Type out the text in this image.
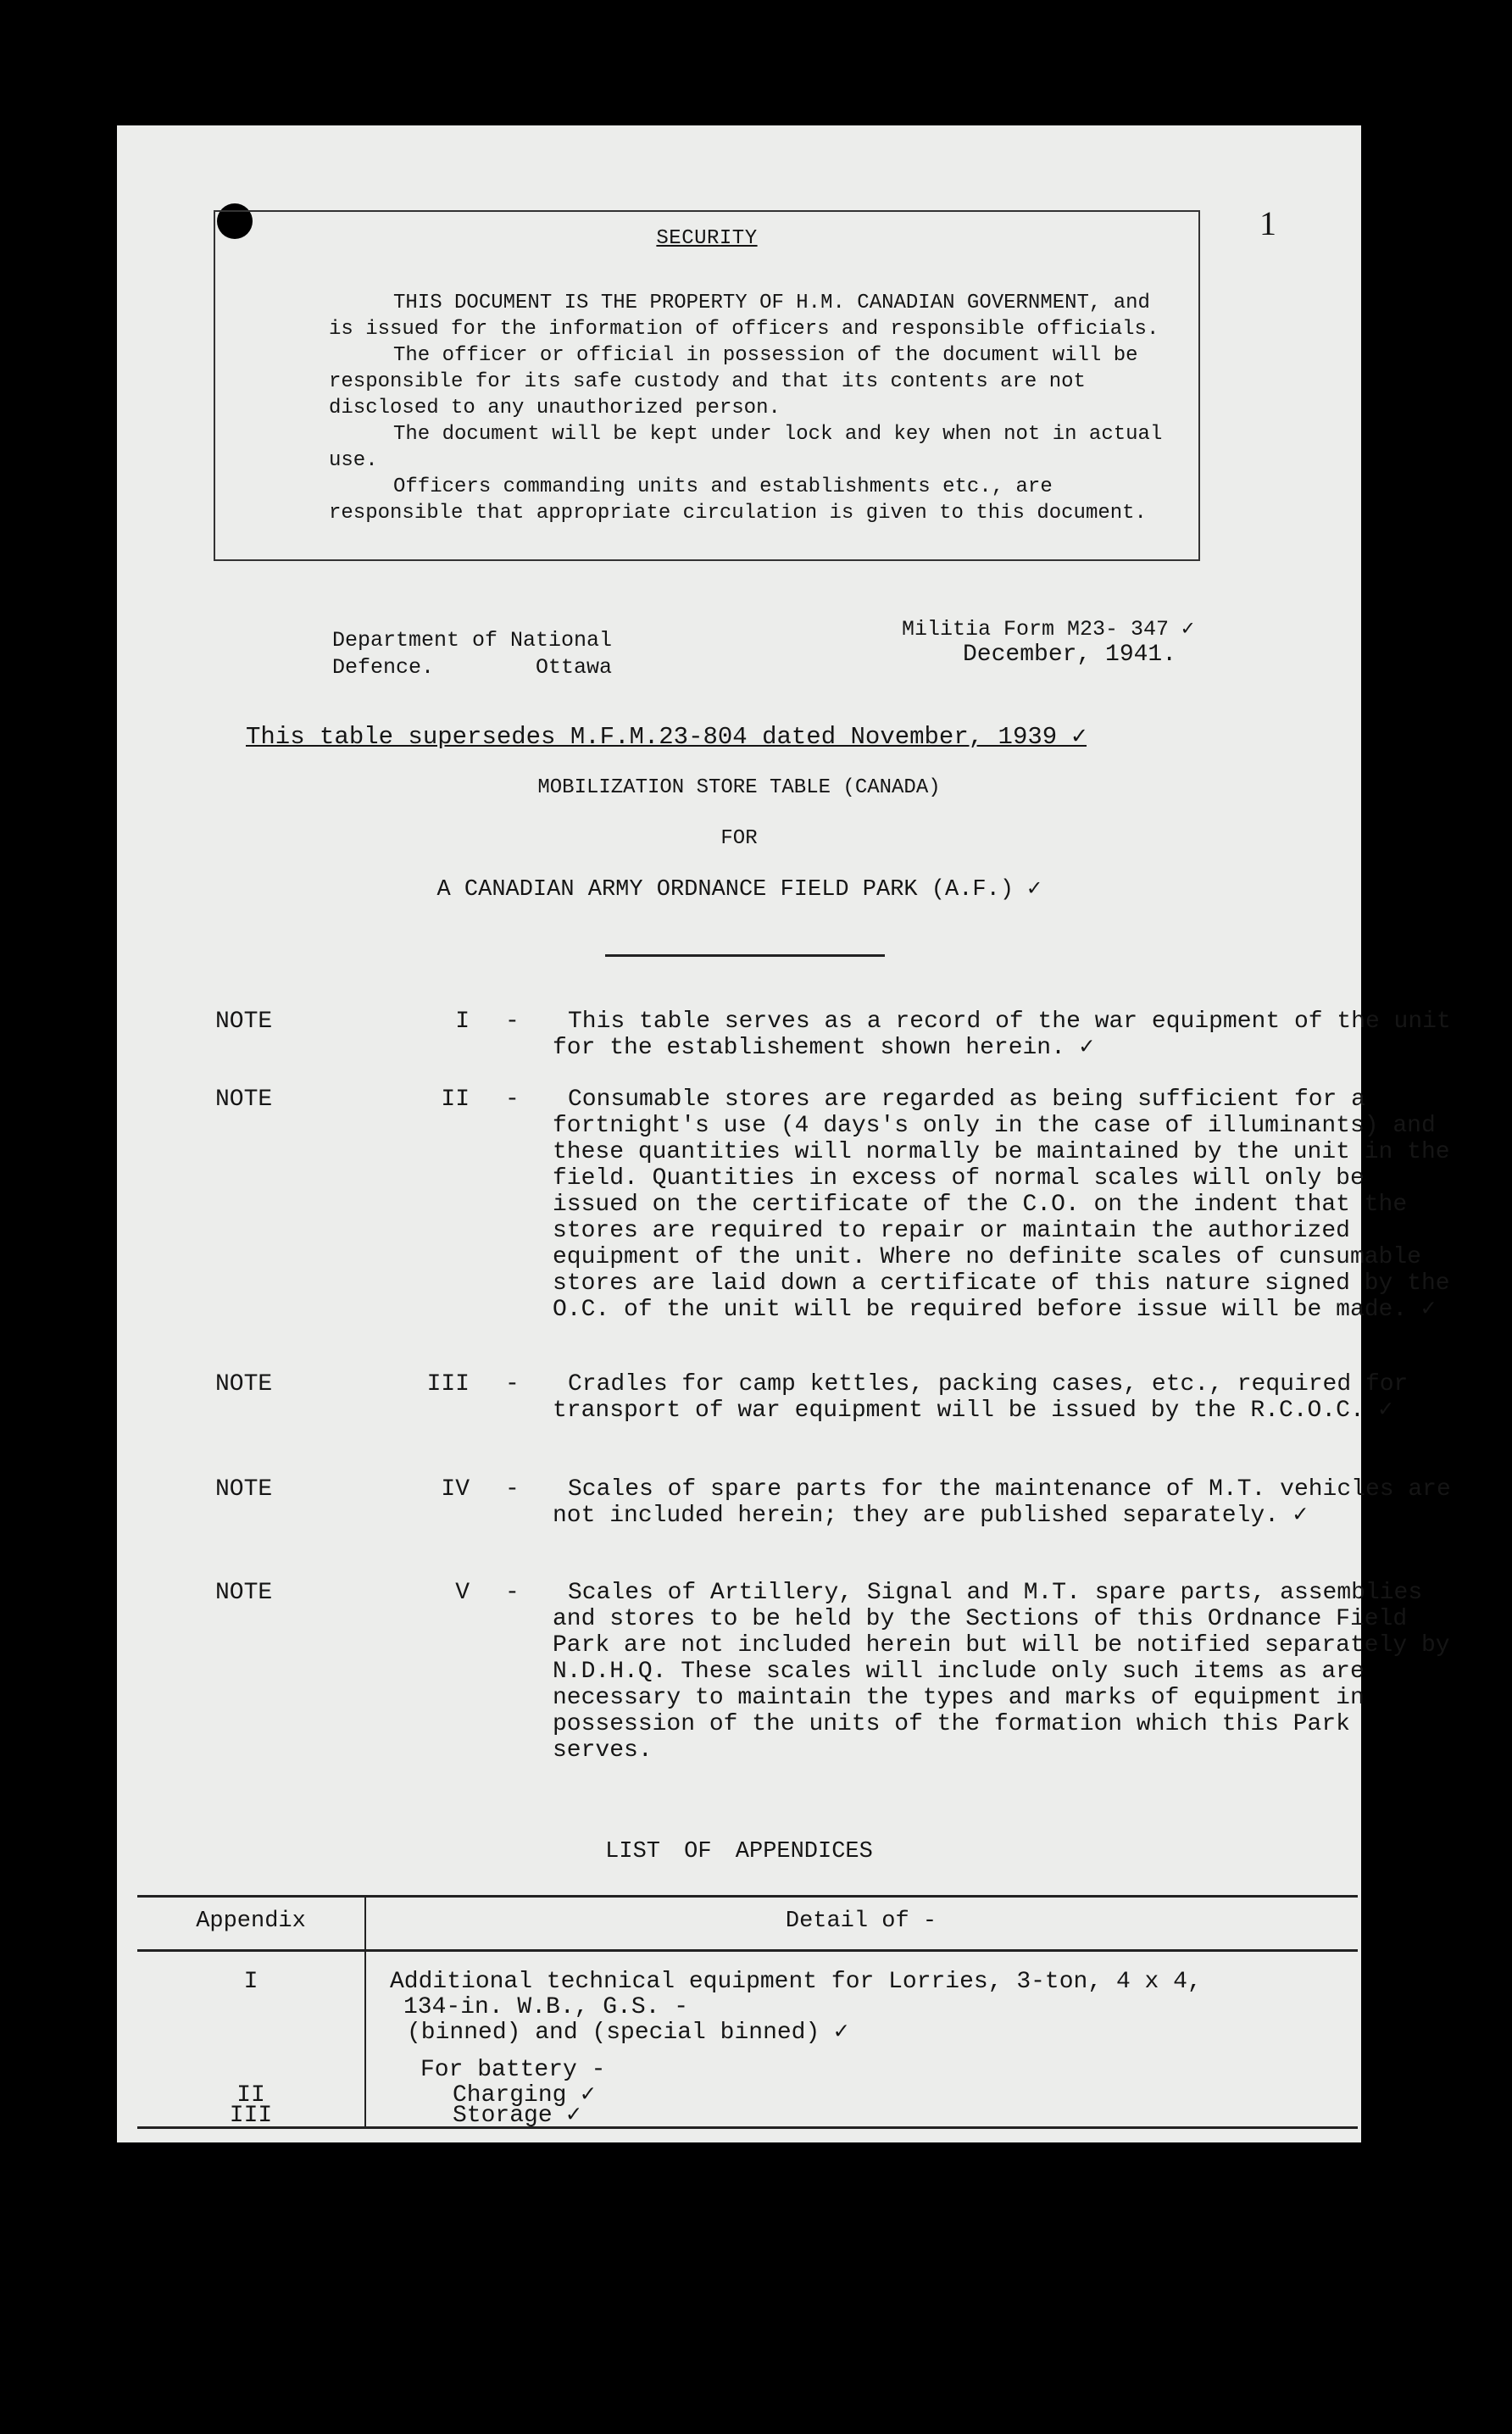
1
SECURITY

THIS DOCUMENT IS THE PROPERTY OF H.M. CANADIAN GOVERNMENT, and is issued for the information of officers and responsible officials.

The officer or official in possession of the document will be responsible for its safe custody and that its contents are not disclosed to any unauthorized person.

The document will be kept under lock and key when not in actual use.

Officers commanding units and establishments etc., are responsible that appropriate circulation is given to this document.

Department of National
Defence.        Ottawa
Militia Form M23- 347 ✓
December, 1941.
This table supersedes M.F.M.23-804 dated November, 1939 ✓
MOBILIZATION STORE TABLE (CANADA)
FOR
A CANADIAN ARMY ORDNANCE FIELD PARK (A.F.) ✓
NOTE	I -	This table serves as a record of the war equipment of the unit for the establishement shown herein. ✓

NOTE	II -	Consumable stores are regarded as being sufficient for a fortnight's use (4 days's only in the case of illuminants) and these quantities will normally be maintained by the unit in the field. Quantities in excess of normal scales will only be issued on the certificate of the C.O. on the indent that the stores are required to repair or maintain the authorized equipment of the unit. Where no definite scales of cunsumable stores are laid down a certificate of this nature signed by the O.C. of the unit will be required before issue will be made. ✓

NOTE	III -	Cradles for camp kettles, packing cases, etc., required for transport of war equipment will be issued by the R.C.O.C. ✓

NOTE	IV -	Scales of spare parts for the maintenance of M.T. vehicles are not included herein; they are published separately. ✓

NOTE	V -	Scales of Artillery, Signal and M.T. spare parts, assemblies and stores to be held by the Sections of this Ordnance Field Park are not included herein but will be notified separately by N.D.H.Q. These scales will include only such items as are necessary to maintain the types and marks of equipment in possession of the units of the formation which this Park serves.

LIST OF APPENDICES
Appendix	Detail of -
I	Additional technical equipment for Lorries, 3-ton, 4 x 4,
134-in. W.B., G.S. -
(binned) and (special binned) ✓
For battery -
II	Charging ✓
III	Storage ✓
